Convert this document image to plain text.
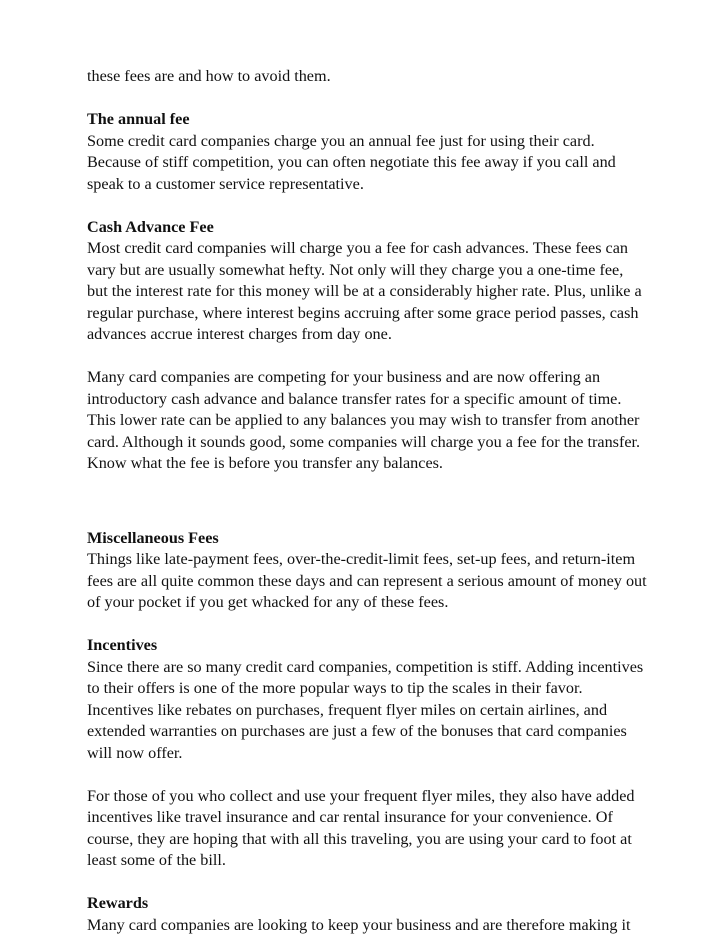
these fees are and how to avoid them.
The annual fee
Some credit card companies charge you an annual fee just for using their card.
Because of stiff competition, you can often negotiate this fee away if you call and
speak to a customer service representative.
Cash Advance Fee
Most credit card companies will charge you a fee for cash advances. These fees can
vary but are usually somewhat hefty. Not only will they charge you a one-time fee,
but the interest rate for this money will be at a considerably higher rate. Plus, unlike a
regular purchase, where interest begins accruing after some grace period passes, cash
advances accrue interest charges from day one.
Many card companies are competing for your business and are now offering an
introductory cash advance and balance transfer rates for a specific amount of time.
This lower rate can be applied to any balances you may wish to transfer from another
card. Although it sounds good, some companies will charge you a fee for the transfer.
Know what the fee is before you transfer any balances.
Miscellaneous Fees
Things like late-payment fees, over-the-credit-limit fees, set-up fees, and return-item
fees are all quite common these days and can represent a serious amount of money out
of your pocket if you get whacked for any of these fees.
Incentives
Since there are so many credit card companies, competition is stiff. Adding incentives
to their offers is one of the more popular ways to tip the scales in their favor.
Incentives like rebates on purchases, frequent flyer miles on certain airlines, and
extended warranties on purchases are just a few of the bonuses that card companies
will now offer.
For those of you who collect and use your frequent flyer miles, they also have added
incentives like travel insurance and car rental insurance for your convenience. Of
course, they are hoping that with all this traveling, you are using your card to foot at
least some of the bill.
Rewards
Many card companies are looking to keep your business and are therefore making it
